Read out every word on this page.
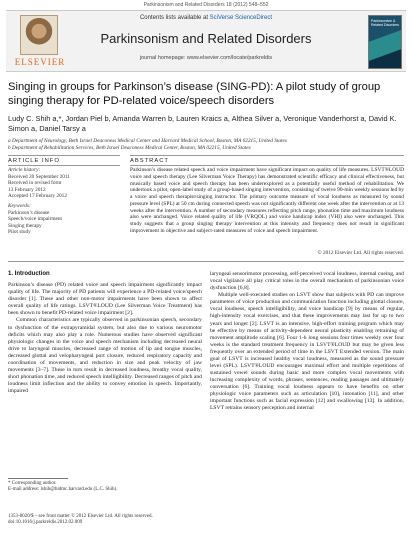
Parkinsonism and Related Disorders 18 (2012) 548–552
ELSEVIER
Contents lists available at SciVerse ScienceDirect
Parkinsonism and Related Disorders
journal homepage: www.elsevier.com/locate/parkreldis
Parkinsonism & Related Disorders
Singing in groups for Parkinson’s disease (SING-PD): A pilot study of group singing therapy for PD-related voice/speech disorders
Ludy C. Shih a,*, Jordan Piel b, Amanda Warren b, Lauren Kraics a, Althea Silver a, Veronique Vanderhorst a, David K. Simon a, Daniel Tarsy a
a Department of Neurology, Beth Israel Deaconess Medical Center and Harvard Medical School, Boston, MA 02215, United States
b Department of Rehabilitation Services, Beth Israel Deaconess Medical Center, Boston, MA 02215, United States
ARTICLE INFO	ABSTRACT
Article history:
Received 20 September 2011
Received in revised form
13 February 2012
Accepted 17 February 2012
Keywords:
Parkinson’s disease
Speech/voice impairment
Singing therapy
Pilot study
Parkinson’s disease related speech and voice impairment have significant impact on quality of life measures. LSVT®LOUD voice and speech therapy (Lee Silverman Voice Therapy) has demonstrated scientific efficacy and clinical effectiveness, but musically based voice and speech therapy has been underexplored as a potentially useful method of rehabilitation. We undertook a pilot, open-label study of a group-based singing intervention, consisting of twelve 90-min weekly sessions led by a voice and speech therapist/singing instructor. The primary outcome measure of vocal loudness as measured by sound pressure level (SPL) at 50 cm during connected speech was not significantly different one week after the intervention or at 13 weeks after the intervention. A number of secondary measures reflecting pitch range, phonation time and maximum loudness also were unchanged. Voice related quality of life (VRQOL) and voice handicap index (VHI) also were unchanged. This study suggests that a group singing therapy intervention at this intensity and frequency does not result in significant improvement in objective and subject-rated measures of voice and speech impairment.
© 2012 Elsevier Ltd. All rights reserved.
1. Introduction

Parkinson’s disease (PD) related voice and speech impairment significantly impact quality of life. The majority of PD patients will experience a PD-related voice/speech disorder [1]. These and other non-motor impairments have been shown to affect overall quality of life ratings. LSVT®LOUD (Lee Silverman Voice Treatment) has been shown to benefit PD-related voice impairment [2].

Common characteristics are typically observed in parkinsonian speech, secondary to dysfunction of the extrapyramidal system, but also due to various neuromotor deficits which may also play a role. Numerous studies have observed significant physiologic changes in the voice and speech mechanism including decreased neural drive to laryngeal muscles, decreased range of motion of lip and tongue muscles, decreased glottal and velopharyngeal port closure, reduced respiratory capacity and coordination of movements, and reduction in size and peak velocity of jaw movements [3–7]. These in turn result in decreased loudness, breathy vocal quality, short phonation time, and reduced speech intelligibility. Decreased ranges of pitch and loudness limit inflection and the ability to convey emotion in speech. Importantly, impaired

laryngeal sensorimotor processing, self-perceived vocal loudness, internal cueing, and vocal vigilance all play critical roles in the overall mechanism of parkinsonian voice dysfunction [6,8].

Multiple well-executed studies on LSVT show that subjects with PD can improve parameters of voice production and communication function including glottal closure, vocal loudness, speech intelligibility, and voice handicap [9] by means of regular, high-intensity vocal exercises, and that these improvements may last for up to two years and longer [2]. LSVT is an intensive, high-effort training program which may be effective by means of activity-dependent neural plasticity enabling retraining of movement amplitude scaling [6]. Four 1-h long sessions four times weekly over four weeks is the standard treatment frequency in LSVT®LOUD but may be given less frequently over an extended period of time in the LSVT Extended version. The main goal of LSVT is increased healthy vocal loudness, measured as the sound pressure level (SPL). LSVT®LOUD encourages maximal effort and multiple repetitions of sustained vowel sounds during basic and more complex vocal movements with increasing complexity of words, phrases, sentences, reading passages and ultimately conversation [6]. Training vocal loudness appears to have benefits on other physiologic voice parameters such as articulation [10], intonation [11], and other important functions such as facial expression [12] and swallowing [13]. In addition, LSVT retrains sensory perception and internal

* Corresponding author.
E-mail address: lshih@bidmc.harvard.edu (L.C. Shih).
1353-8020/$ – see front matter © 2012 Elsevier Ltd. All rights reserved.
doi:10.1016/j.parkreldis.2012.02.009
